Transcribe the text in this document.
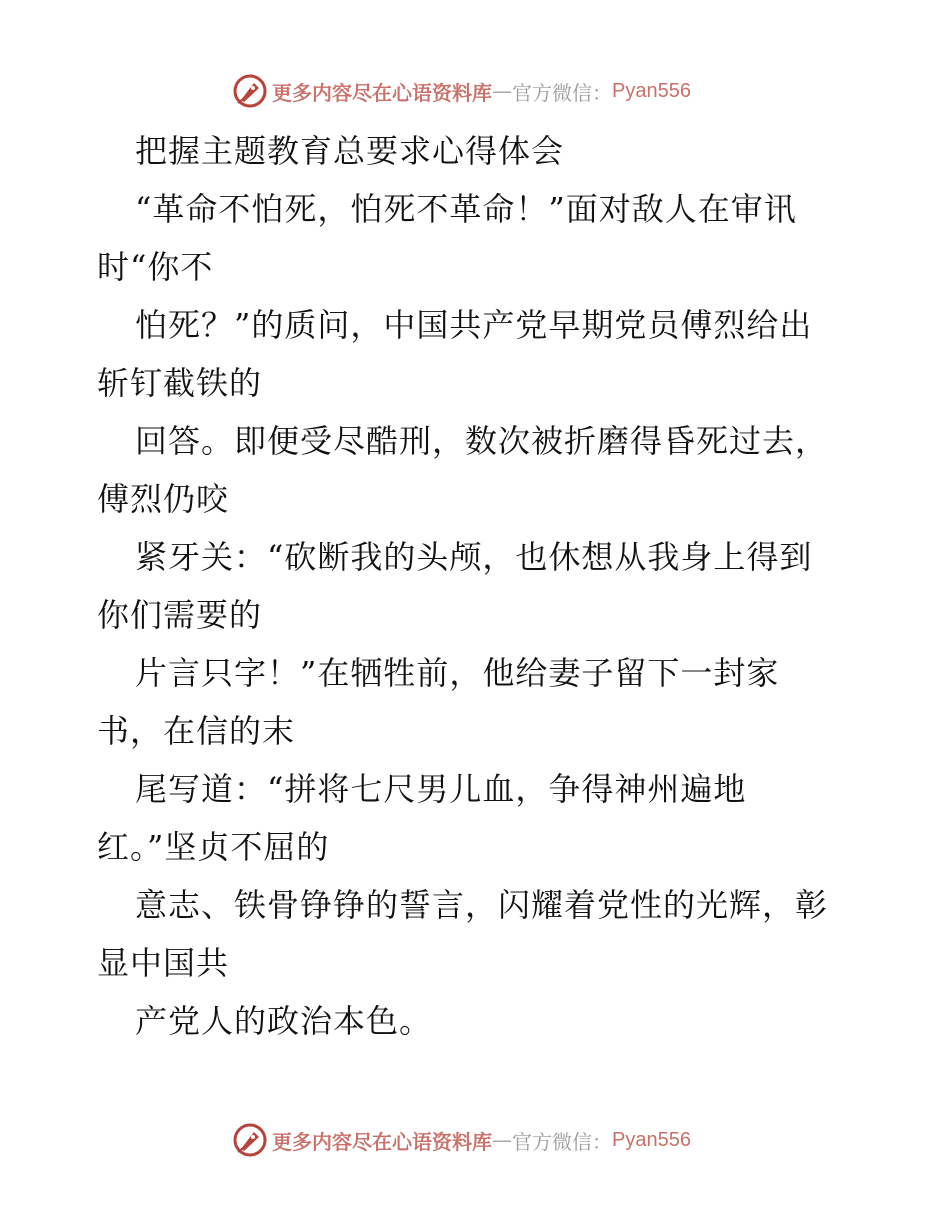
更多内容尽在心语资料库 — 官方微信： Pyan556
把握主题教育总要求心得体会
“革命不怕死，怕死不革命！”面对敌人在审讯
时“你不
怕死？”的质问，中国共产党早期党员傅烈给出
斩钉截铁的
回答。即便受尽酷刑，数次被折磨得昏死过去，
傅烈仍咬
紧牙关：“砍断我的头颅，也休想从我身上得到
你们需要的
片言只字！”在牺牲前，他给妻子留下一封家
书，在信的末
尾写道：“拼将七尺男儿血，争得神州遍地
红。”坚贞不屈的
意志、铁骨铮铮的誓言，闪耀着党性的光辉，彰
显中国共
产党人的政治本色。
更多内容尽在心语资料库 — 官方微信： Pyan556
